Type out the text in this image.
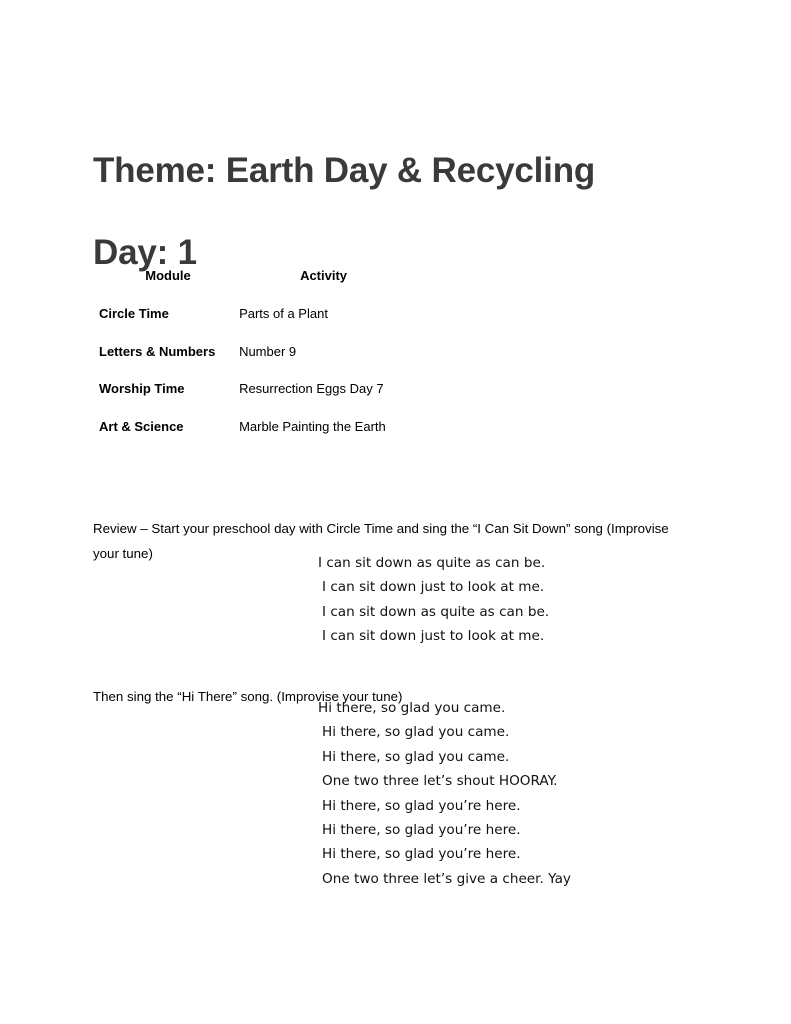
Theme: Earth Day & Recycling
Day: 1
Module	Activity
Circle Time	Parts of a Plant
Letters & Numbers	Number 9
Worship Time	Resurrection Eggs Day 7
Art & Science	Marble Painting the Earth

Review – Start your preschool day with Circle Time and sing the “I Can Sit Down” song (Improvise your tune)

I can sit down as quite as can be.
I can sit down just to look at me.
I can sit down as quite as can be.
I can sit down just to look at me.

Then sing the “Hi There” song. (Improvise your tune)

Hi there, so glad you came.
Hi there, so glad you came.
Hi there, so glad you came.
One two three let’s shout HOORAY.
Hi there, so glad you’re here.
Hi there, so glad you’re here.
Hi there, so glad you’re here.
One two three let’s give a cheer. Yay
